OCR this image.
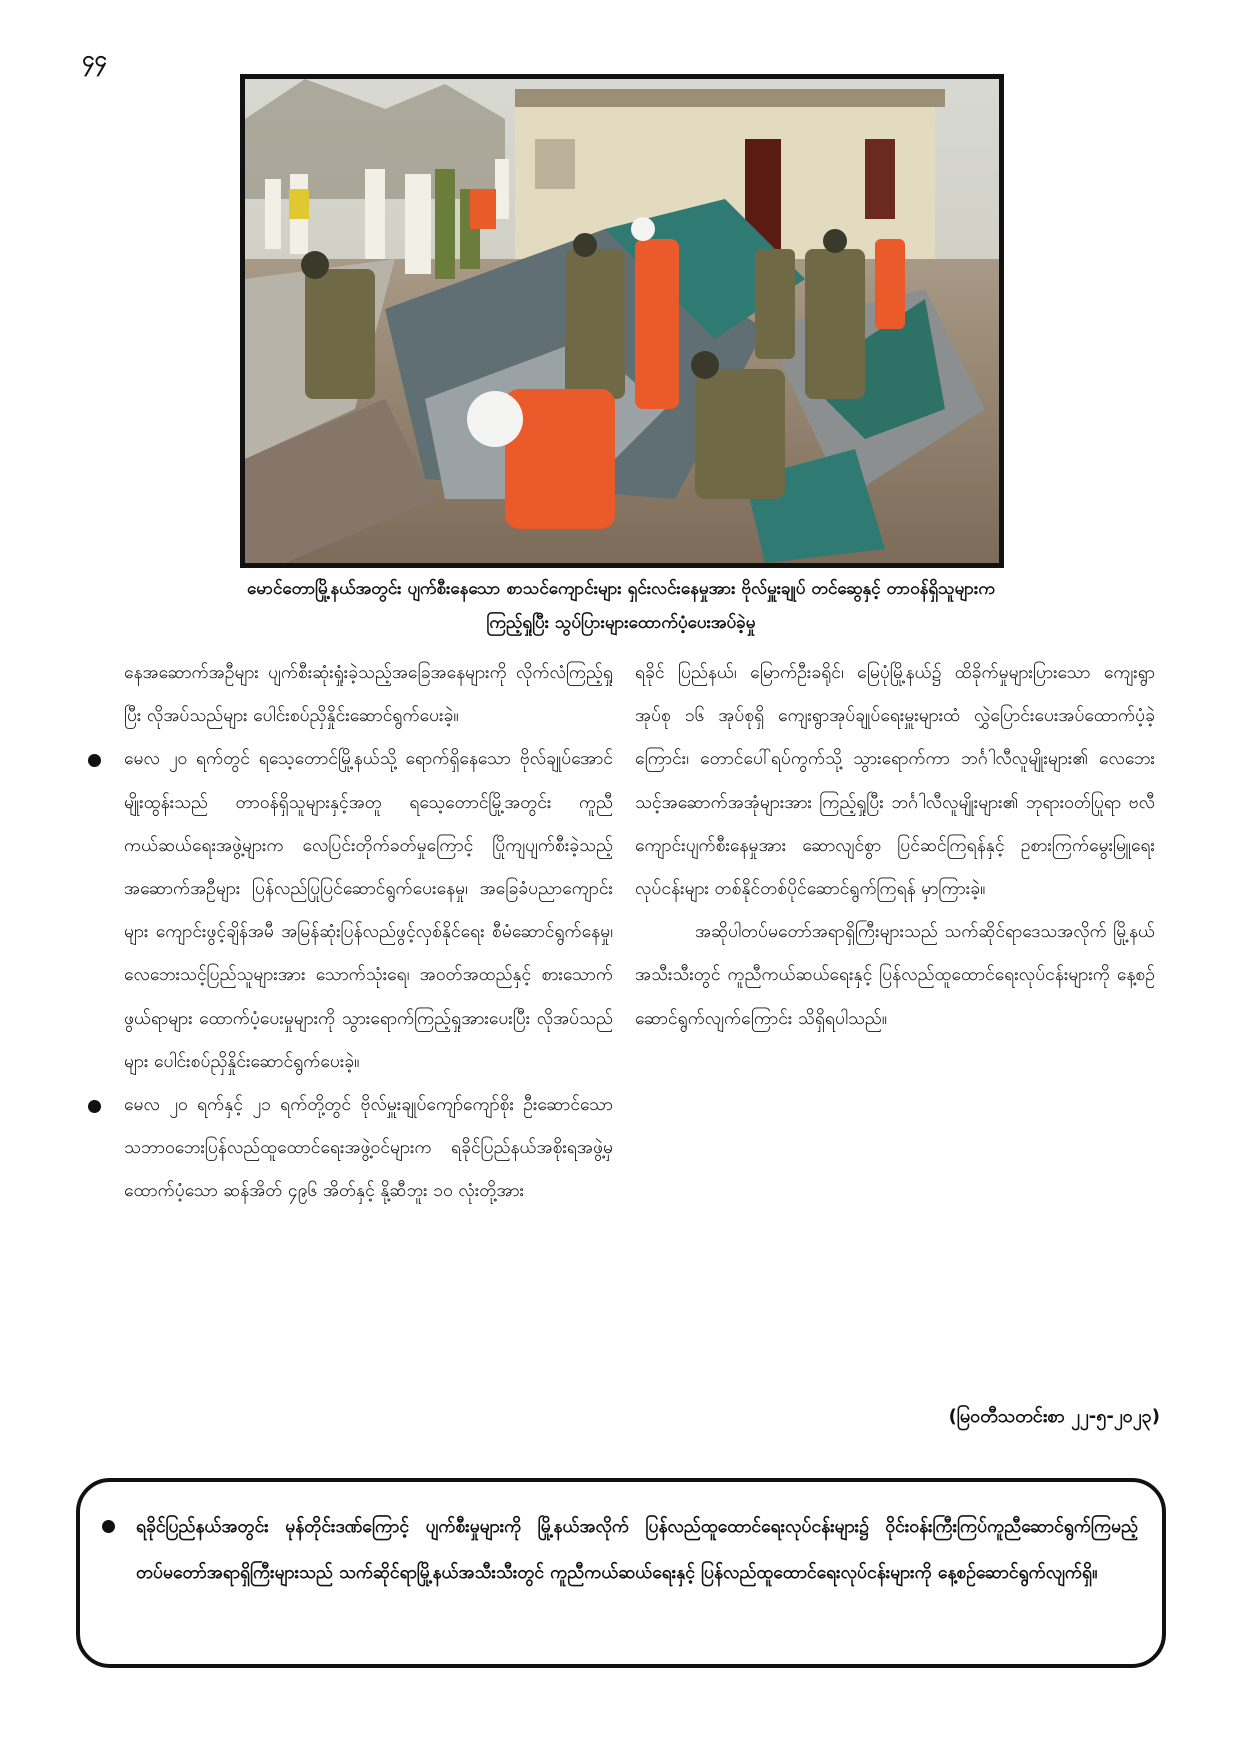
၄၄
မောင်တောမြို့နယ်အတွင်း ပျက်စီးနေသော စာသင်ကျောင်းများ ရှင်းလင်းနေမှုအား ဗိုလ်မှူးချုပ် တင်ဆွေနှင့် တာဝန်ရှိသူများက
ကြည့်ရှုပြီး သွပ်ပြားများထောက်ပံ့ပေးအပ်ခဲ့မှု

နေအဆောက်အဦများ ပျက်စီးဆုံးရှုံးခဲ့သည့်အခြေအနေများကို လိုက်လံကြည့်ရှုပြီး လိုအပ်သည်များ ပေါင်းစပ်ညှိနှိုင်းဆောင်ရွက်ပေးခဲ့။

မေလ ၂၀ ရက်တွင် ရသေ့တောင်မြို့နယ်သို့ ရောက်ရှိနေသော ဗိုလ်ချုပ်အောင်မျိုးထွန်းသည် တာဝန်ရှိသူများနှင့်အတူ ရသေ့တောင်မြို့အတွင်း ကူညီကယ်ဆယ်ရေးအဖွဲ့များက လေပြင်းတိုက်ခတ်မှုကြောင့် ပြိုကျပျက်စီးခဲ့သည့်အဆောက်အဦများ ပြန်လည်ပြုပြင်ဆောင်ရွက်ပေးနေမှု၊ အခြေခံပညာကျောင်းများ ကျောင်းဖွင့်ချိန်အမီ အမြန်ဆုံးပြန်လည်ဖွင့်လှစ်နိုင်ရေး စီမံဆောင်ရွက်နေမှု၊ လေဘေးသင့်ပြည်သူများအား သောက်သုံးရေ၊ အဝတ်အထည်နှင့် စားသောက်ဖွယ်ရာများ ထောက်ပံ့ပေးမှုများကို သွားရောက်ကြည့်ရှုအားပေးပြီး လိုအပ်သည်များ ပေါင်းစပ်ညှိနှိုင်းဆောင်ရွက်ပေးခဲ့။

မေလ ၂၀ ရက်နှင့် ၂၁ ရက်တို့တွင် ဗိုလ်မှူးချုပ်ကျော်ကျော်စိုး ဦးဆောင်သော သဘာဝဘေးပြန်လည်ထူထောင်ရေးအဖွဲ့ဝင်များက ရခိုင်ပြည်နယ်အစိုးရအဖွဲ့မှ ထောက်ပံ့သော ဆန်အိတ် ၄၉၆ အိတ်နှင့် နို့ဆီဘူး ၁၀ လုံးတို့အား

ရခိုင် ပြည်နယ်၊ မြောက်ဦးခရိုင်၊ မြေပုံမြို့နယ်၌ ထိခိုက်မှုများပြားသော ကျေးရွာ အုပ်စု ၁၆ အုပ်စုရှိ ကျေးရွာအုပ်ချုပ်ရေးမှူးများထံ လွှဲပြောင်းပေးအပ်ထောက်ပံ့ခဲ့ကြောင်း၊ တောင်ပေါ်ရပ်ကွက်သို့ သွားရောက်ကာ ဘင်္ဂါလီလူမျိုးများ၏ လေဘေးသင့်အဆောက်အအုံများအား ကြည့်ရှုပြီး ဘင်္ဂါလီလူမျိုးများ၏ ဘုရားဝတ်ပြုရာ ဗလီကျောင်းပျက်စီးနေမှုအား ဆောလျင်စွာ ပြင်ဆင်ကြရန်နှင့် ဥစားကြက်မွေးမြူရေးလုပ်ငန်းများ တစ်နိုင်တစ်ပိုင်ဆောင်ရွက်ကြရန် မှာကြားခဲ့။

အဆိုပါတပ်မတော်အရာရှိကြီးများသည် သက်ဆိုင်ရာဒေသအလိုက် မြို့နယ်အသီးသီးတွင် ကူညီကယ်ဆယ်ရေးနှင့် ပြန်လည်ထူထောင်ရေးလုပ်ငန်းများကို နေ့စဉ်ဆောင်ရွက်လျက်ကြောင်း သိရှိရပါသည်။

(မြဝတီသတင်းစာ ၂၂-၅-၂၀၂၃)
ရခိုင်ပြည်နယ်အတွင်း မုန်တိုင်းဒဏ်ကြောင့် ပျက်စီးမှုများကို မြို့နယ်အလိုက် ပြန်လည်ထူထောင်ရေးလုပ်ငန်းများ၌ ဝိုင်းဝန်းကြီးကြပ်ကူညီဆောင်ရွက်ကြမည့် တပ်မတော်အရာရှိကြီးများသည် သက်ဆိုင်ရာမြို့နယ်အသီးသီးတွင် ကူညီကယ်ဆယ်ရေးနှင့် ပြန်လည်ထူထောင်ရေးလုပ်ငန်းများကို နေ့စဉ်ဆောင်ရွက်လျက်ရှိ။
